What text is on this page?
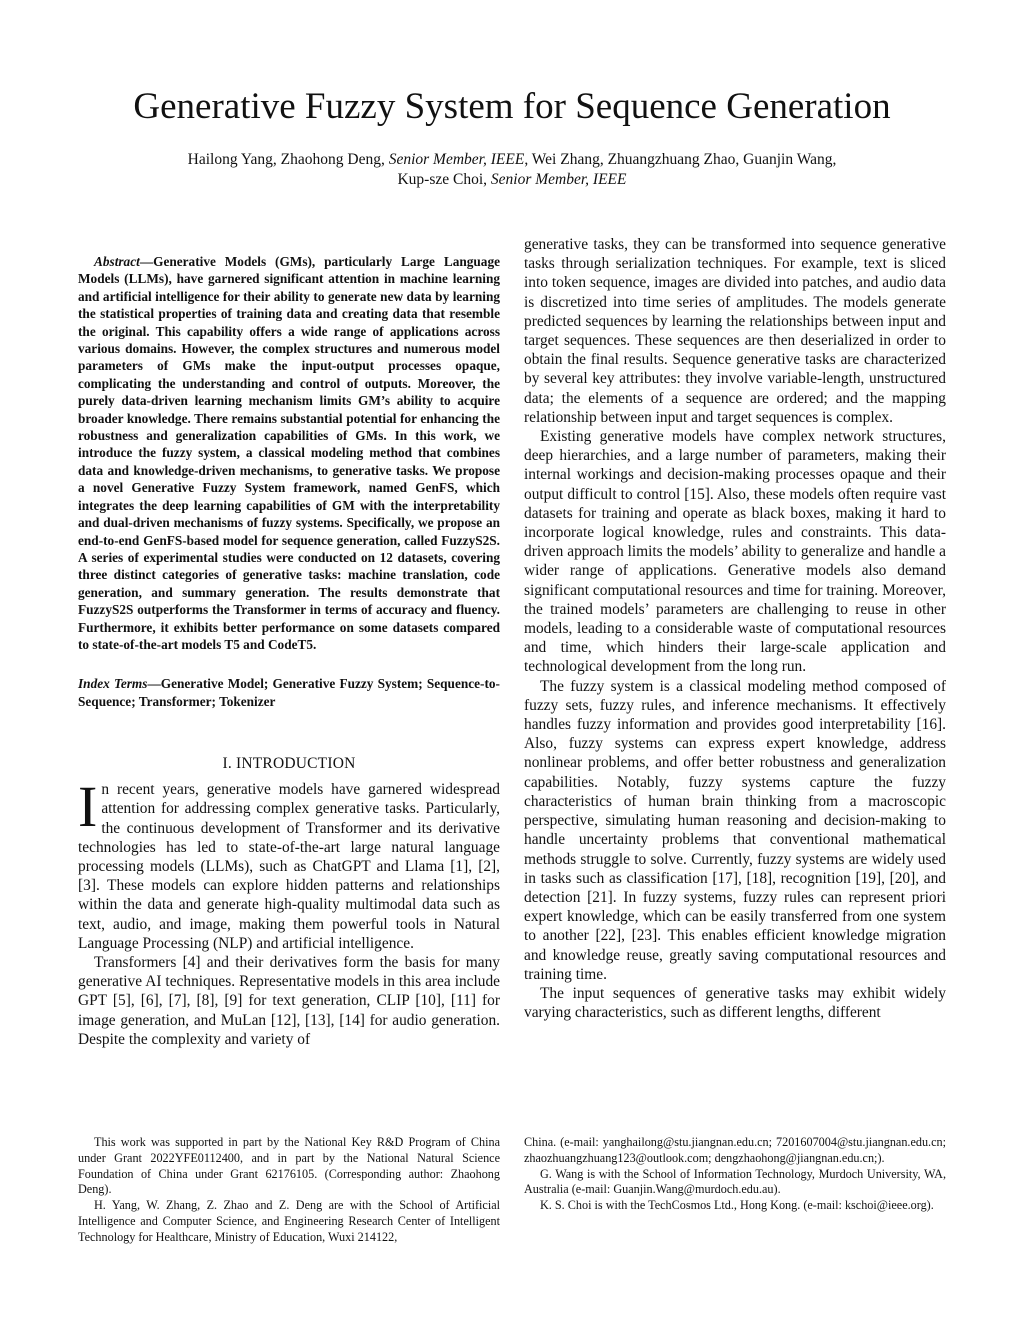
Generative Fuzzy System for Sequence Generation
Hailong Yang, Zhaohong Deng, Senior Member, IEEE, Wei Zhang, Zhuangzhuang Zhao, Guanjin Wang,
Kup-sze Choi, Senior Member, IEEE

Abstract—Generative Models (GMs), particularly Large Language Models (LLMs), have garnered significant attention in machine learning and artificial intelligence for their ability to generate new data by learning the statistical properties of training data and creating data that resemble the original. This capability offers a wide range of applications across various domains. However, the complex structures and numerous model parameters of GMs make the input-output processes opaque, complicating the understanding and control of outputs. Moreover, the purely data-driven learning mechanism limits GM’s ability to acquire broader knowledge. There remains substantial potential for enhancing the robustness and generalization capabilities of GMs. In this work, we introduce the fuzzy system, a classical modeling method that combines data and knowledge-driven mechanisms, to generative tasks. We propose a novel Generative Fuzzy System framework, named GenFS, which integrates the deep learning capabilities of GM with the interpretability and dual-driven mechanisms of fuzzy systems. Specifically, we propose an end-to-end GenFS-based model for sequence generation, called FuzzyS2S. A series of experimental studies were conducted on 12 datasets, covering three distinct categories of generative tasks: machine translation, code generation, and summary generation. The results demonstrate that FuzzyS2S outperforms the Transformer in terms of accuracy and fluency. Furthermore, it exhibits better performance on some datasets compared to state-of-the-art models T5 and CodeT5.

Index Terms—Generative Model; Generative Fuzzy System; Sequence-to-Sequence; Transformer; Tokenizer

I. INTRODUCTION

In recent years, generative models have garnered widespread attention for addressing complex generative tasks. Particularly, the continuous development of Transformer and its derivative technologies has led to state-of-the-art large natural language processing models (LLMs), such as ChatGPT and Llama [1], [2], [3]. These models can explore hidden patterns and relationships within the data and generate high-quality multimodal data such as text, audio, and image, making them powerful tools in Natural Language Processing (NLP) and artificial intelligence.

Transformers [4] and their derivatives form the basis for many generative AI techniques. Representative models in this area include GPT [5], [6], [7], [8], [9] for text generation, CLIP [10], [11] for image generation, and MuLan [12], [13], [14] for audio generation. Despite the complexity and variety of

generative tasks, they can be transformed into sequence generative tasks through serialization techniques. For example, text is sliced into token sequence, images are divided into patches, and audio data is discretized into time series of amplitudes. The models generate predicted sequences by learning the relationships between input and target sequences. These sequences are then deserialized in order to obtain the final results. Sequence generative tasks are characterized by several key attributes: they involve variable-length, unstructured data; the elements of a sequence are ordered; and the mapping relationship between input and target sequences is complex.

Existing generative models have complex network structures, deep hierarchies, and a large number of parameters, making their internal workings and decision-making processes opaque and their output difficult to control [15]. Also, these models often require vast datasets for training and operate as black boxes, making it hard to incorporate logical knowledge, rules and constraints. This data-driven approach limits the models’ ability to generalize and handle a wider range of applications. Generative models also demand significant computational resources and time for training. Moreover, the trained models’ parameters are challenging to reuse in other models, leading to a considerable waste of computational resources and time, which hinders their large-scale application and technological development from the long run.

The fuzzy system is a classical modeling method composed of fuzzy sets, fuzzy rules, and inference mechanisms. It effectively handles fuzzy information and provides good interpretability [16]. Also, fuzzy systems can express expert knowledge, address nonlinear problems, and offer better robustness and generalization capabilities. Notably, fuzzy systems capture the fuzzy characteristics of human brain thinking from a macroscopic perspective, simulating human reasoning and decision-making to handle uncertainty problems that conventional mathematical methods struggle to solve. Currently, fuzzy systems are widely used in tasks such as classification [17], [18], recognition [19], [20], and detection [21]. In fuzzy systems, fuzzy rules can represent priori expert knowledge, which can be easily transferred from one system to another [22], [23]. This enables efficient knowledge migration and knowledge reuse, greatly saving computational resources and training time.

The input sequences of generative tasks may exhibit widely varying characteristics, such as different lengths, different

This work was supported in part by the National Key R&D Program of China under Grant 2022YFE0112400, and in part by the National Natural Science Foundation of China under Grant 62176105. (Corresponding author: Zhaohong Deng).

H. Yang, W. Zhang, Z. Zhao and Z. Deng are with the School of Artificial Intelligence and Computer Science, and Engineering Research Center of Intelligent Technology for Healthcare, Ministry of Education, Wuxi 214122,

China. (e-mail: yanghailong@stu.jiangnan.edu.cn; 7201607004@stu.jiangnan.edu.cn; zhaozhuangzhuang123@outlook.com; dengzhaohong@jiangnan.edu.cn;).

G. Wang is with the School of Information Technology, Murdoch University, WA, Australia (e-mail: Guanjin.Wang@murdoch.edu.au).

K. S. Choi is with the TechCosmos Ltd., Hong Kong. (e-mail: kschoi@ieee.org).
